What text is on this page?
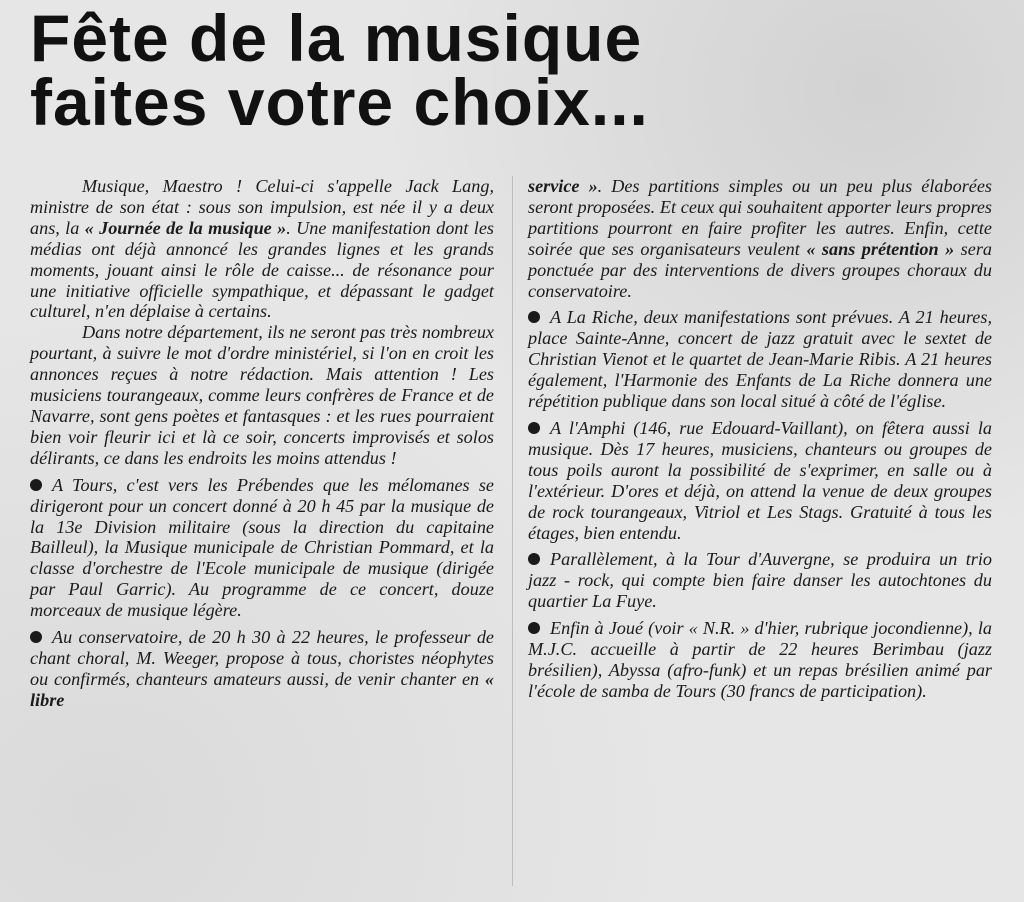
Fête de la musique
faites votre choix...

Musique, Maestro ! Celui-ci s'appelle Jack Lang, ministre de son état : sous son impulsion, est née il y a deux ans, la « Journée de la musique ». Une manifestation dont les médias ont déjà annoncé les grandes lignes et les grands moments, jouant ainsi le rôle de caisse... de résonance pour une initiative officielle sympathique, et dépassant le gadget culturel, n'en déplaise à certains.

Dans notre département, ils ne seront pas très nombreux pourtant, à suivre le mot d'ordre ministériel, si l'on en croit les annonces reçues à notre rédaction. Mais attention ! Les musiciens tourangeaux, comme leurs confrères de France et de Navarre, sont gens poètes et fantasques : et les rues pourraient bien voir fleurir ici et là ce soir, concerts improvisés et solos délirants, ce dans les endroits les moins attendus !

A Tours, c'est vers les Prébendes que les mélomanes se dirigeront pour un concert donné à 20 h 45 par la musique de la 13e Division militaire (sous la direction du capitaine Bailleul), la Musique municipale de Christian Pommard, et la classe d'orchestre de l'Ecole municipale de musique (dirigée par Paul Garric). Au programme de ce concert, douze morceaux de musique légère.

Au conservatoire, de 20 h 30 à 22 heures, le professeur de chant choral, M. Weeger, propose à tous, choristes néophytes ou confirmés, chanteurs amateurs aussi, de venir chanter en « libre

service ». Des partitions simples ou un peu plus élaborées seront proposées. Et ceux qui souhaitent apporter leurs propres partitions pourront en faire profiter les autres. Enfin, cette soirée que ses organisateurs veulent « sans prétention » sera ponctuée par des interventions de divers groupes choraux du conservatoire.

A La Riche, deux manifestations sont prévues. A 21 heures, place Sainte-Anne, concert de jazz gratuit avec le sextet de Christian Vienot et le quartet de Jean-Marie Ribis. A 21 heures également, l'Harmonie des Enfants de La Riche donnera une répétition publique dans son local situé à côté de l'église.

A l'Amphi (146, rue Edouard-Vaillant), on fêtera aussi la musique. Dès 17 heures, musiciens, chanteurs ou groupes de tous poils auront la possibilité de s'exprimer, en salle ou à l'extérieur. D'ores et déjà, on attend la venue de deux groupes de rock tourangeaux, Vitriol et Les Stags. Gratuité à tous les étages, bien entendu.

Parallèlement, à la Tour d'Auvergne, se produira un trio jazz - rock, qui compte bien faire danser les autochtones du quartier La Fuye.

Enfin à Joué (voir « N.R. » d'hier, rubrique jocondienne), la M.J.C. accueille à partir de 22 heures Berimbau (jazz brésilien), Abyssa (afro-funk) et un repas brésilien animé par l'école de samba de Tours (30 francs de participation).
